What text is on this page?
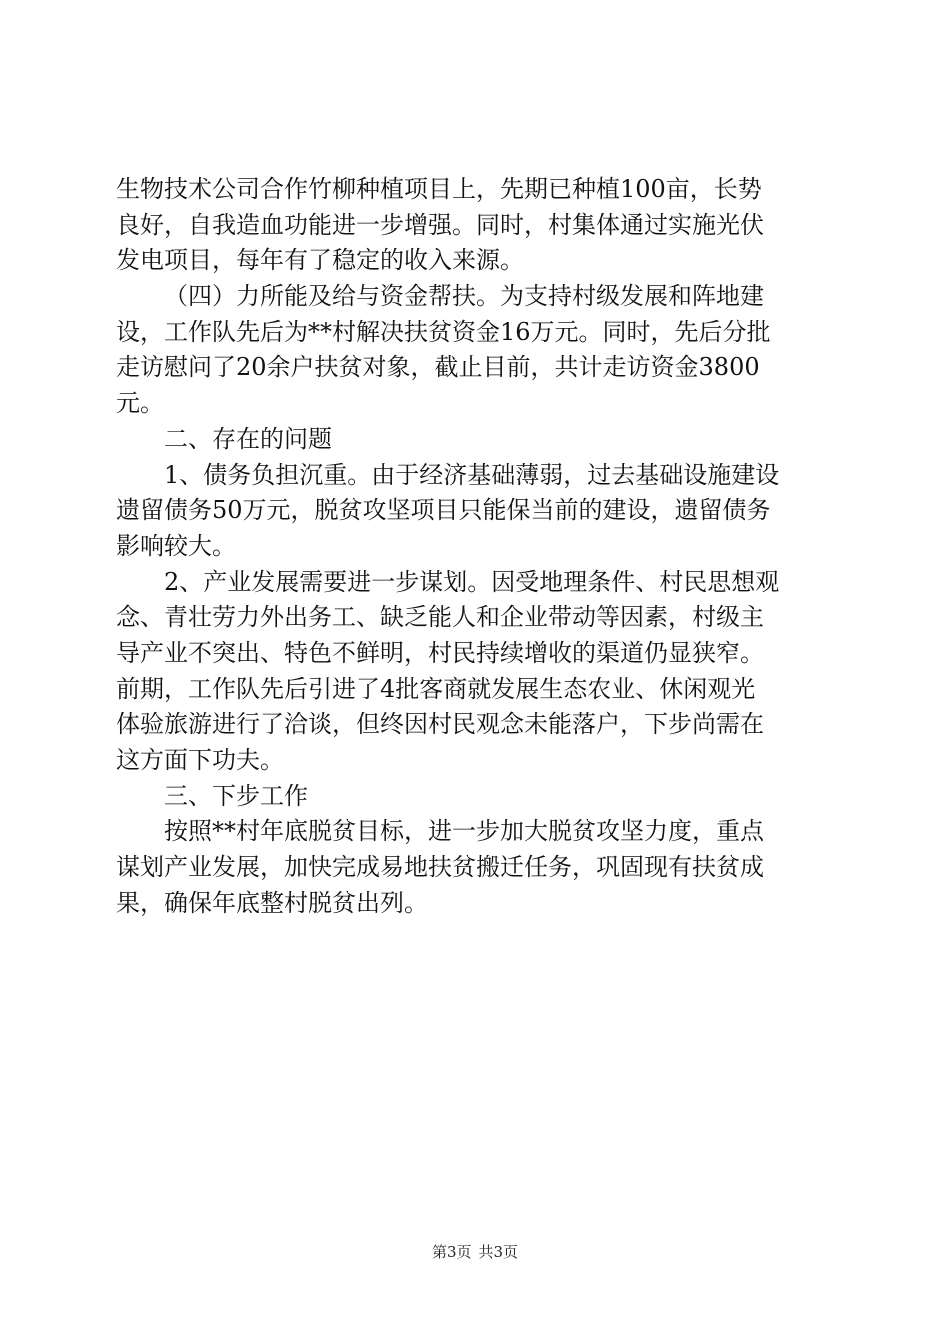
生物技术公司合作竹柳种植项目上，先期已种植100亩，长势
良好，自我造血功能进一步增强。同时，村集体通过实施光伏
发电项目，每年有了稳定的收入来源。
（四）力所能及给与资金帮扶。为支持村级发展和阵地建
设，工作队先后为**村解决扶贫资金16万元。同时，先后分批
走访慰问了20余户扶贫对象，截止目前，共计走访资金3800
元。
二、存在的问题
1、债务负担沉重。由于经济基础薄弱，过去基础设施建设
遗留债务50万元，脱贫攻坚项目只能保当前的建设，遗留债务
影响较大。
2、产业发展需要进一步谋划。因受地理条件、村民思想观
念、青壮劳力外出务工、缺乏能人和企业带动等因素，村级主
导产业不突出、特色不鲜明，村民持续增收的渠道仍显狭窄。
前期，工作队先后引进了4批客商就发展生态农业、休闲观光
体验旅游进行了洽谈，但终因村民观念未能落户，下步尚需在
这方面下功夫。
三、下步工作
按照**村年底脱贫目标，进一步加大脱贫攻坚力度，重点
谋划产业发展，加快完成易地扶贫搬迁任务，巩固现有扶贫成
果，确保年底整村脱贫出列。
第3页 共3页
